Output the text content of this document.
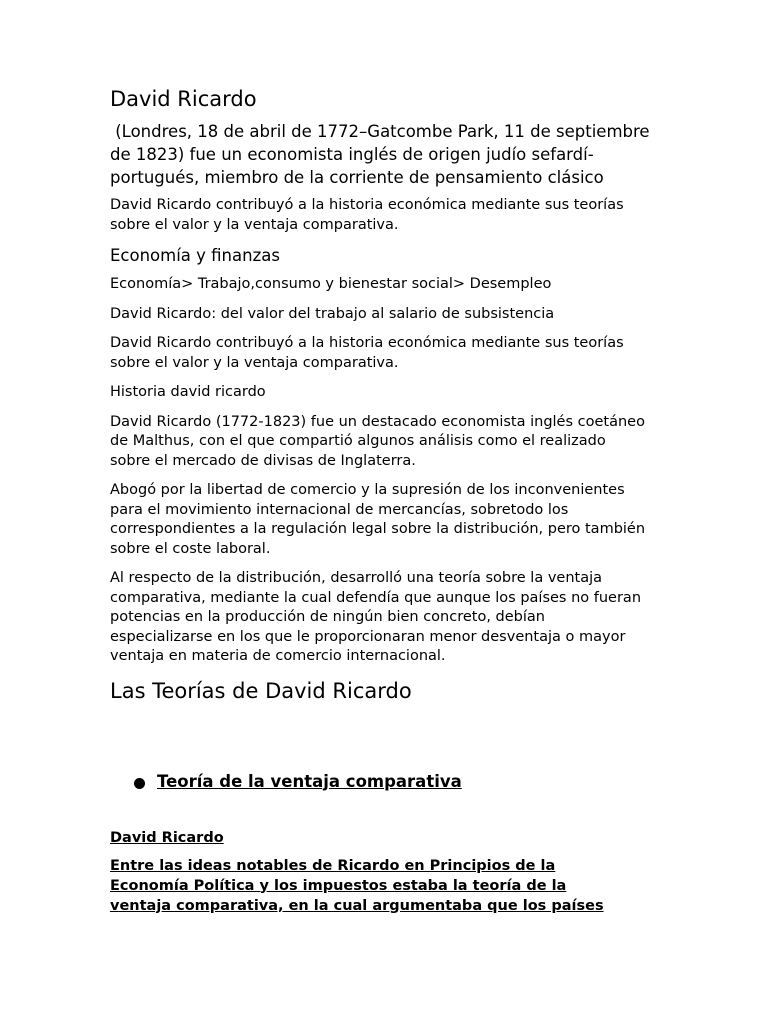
David Ricardo

(Londres, 18 de abril de 1772–Gatcombe Park, 11 de septiembre de 1823) fue un economista inglés de origen judío sefardí-portugués, miembro de la corriente de pensamiento clásico

David Ricardo contribuyó a la historia económica mediante sus teorías sobre el valor y la ventaja comparativa.

Economía y finanzas

Economía> Trabajo,consumo y bienestar social> Desempleo

David Ricardo: del valor del trabajo al salario de subsistencia

David Ricardo contribuyó a la historia económica mediante sus teorías sobre el valor y la ventaja comparativa.

Historia david ricardo

David Ricardo (1772-1823) fue un destacado economista inglés coetáneo de Malthus, con el que compartió algunos análisis como el realizado sobre el mercado de divisas de Inglaterra.

Abogó por la libertad de comercio y la supresión de los inconvenientes para el movimiento internacional de mercancías, sobretodo los correspondientes a la regulación legal sobre la distribución, pero también sobre el coste laboral.

Al respecto de la distribución, desarrolló una teoría sobre la ventaja comparativa, mediante la cual defendía que aunque los países no fueran potencias en la producción de ningún bien concreto, debían especializarse en los que le proporcionaran menor desventaja o mayor ventaja en materia de comercio internacional.

Las Teorías de David Ricardo
Teoría de la ventaja comparativa
David Ricardo
Entre las ideas notables de Ricardo en Principios de la
Economía Política y los impuestos estaba la teoría de la
ventaja comparativa, en la cual argumentaba que los países
